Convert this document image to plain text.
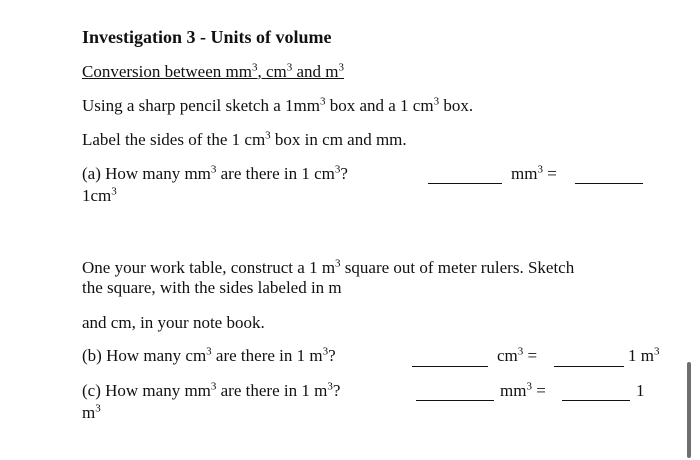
Investigation 3 - Units of volume
Conversion between $mm^3$, $cm^3$ and $m^3$
Using a sharp pencil sketch a $1mm^3$ box and a 1 $cm^3$ box.
Label the sides of the 1 $cm^3$ box in cm and mm.
(a) How many $mm^3$ are there in 1 $cm^3$?	$mm^3$ =
$1cm^3$
One your work table, construct a 1 $m^3$ square out of meter rulers. Sketch
the square, with the sides labeled in m
and cm, in your note book.
(b) How many $cm^3$ are there in 1 $m^3$?	$cm^3$ =	1 $m^3$
(c) How many $mm^3$ are there in 1 $m^3$?	$mm^3$ =	1
$m^3$
